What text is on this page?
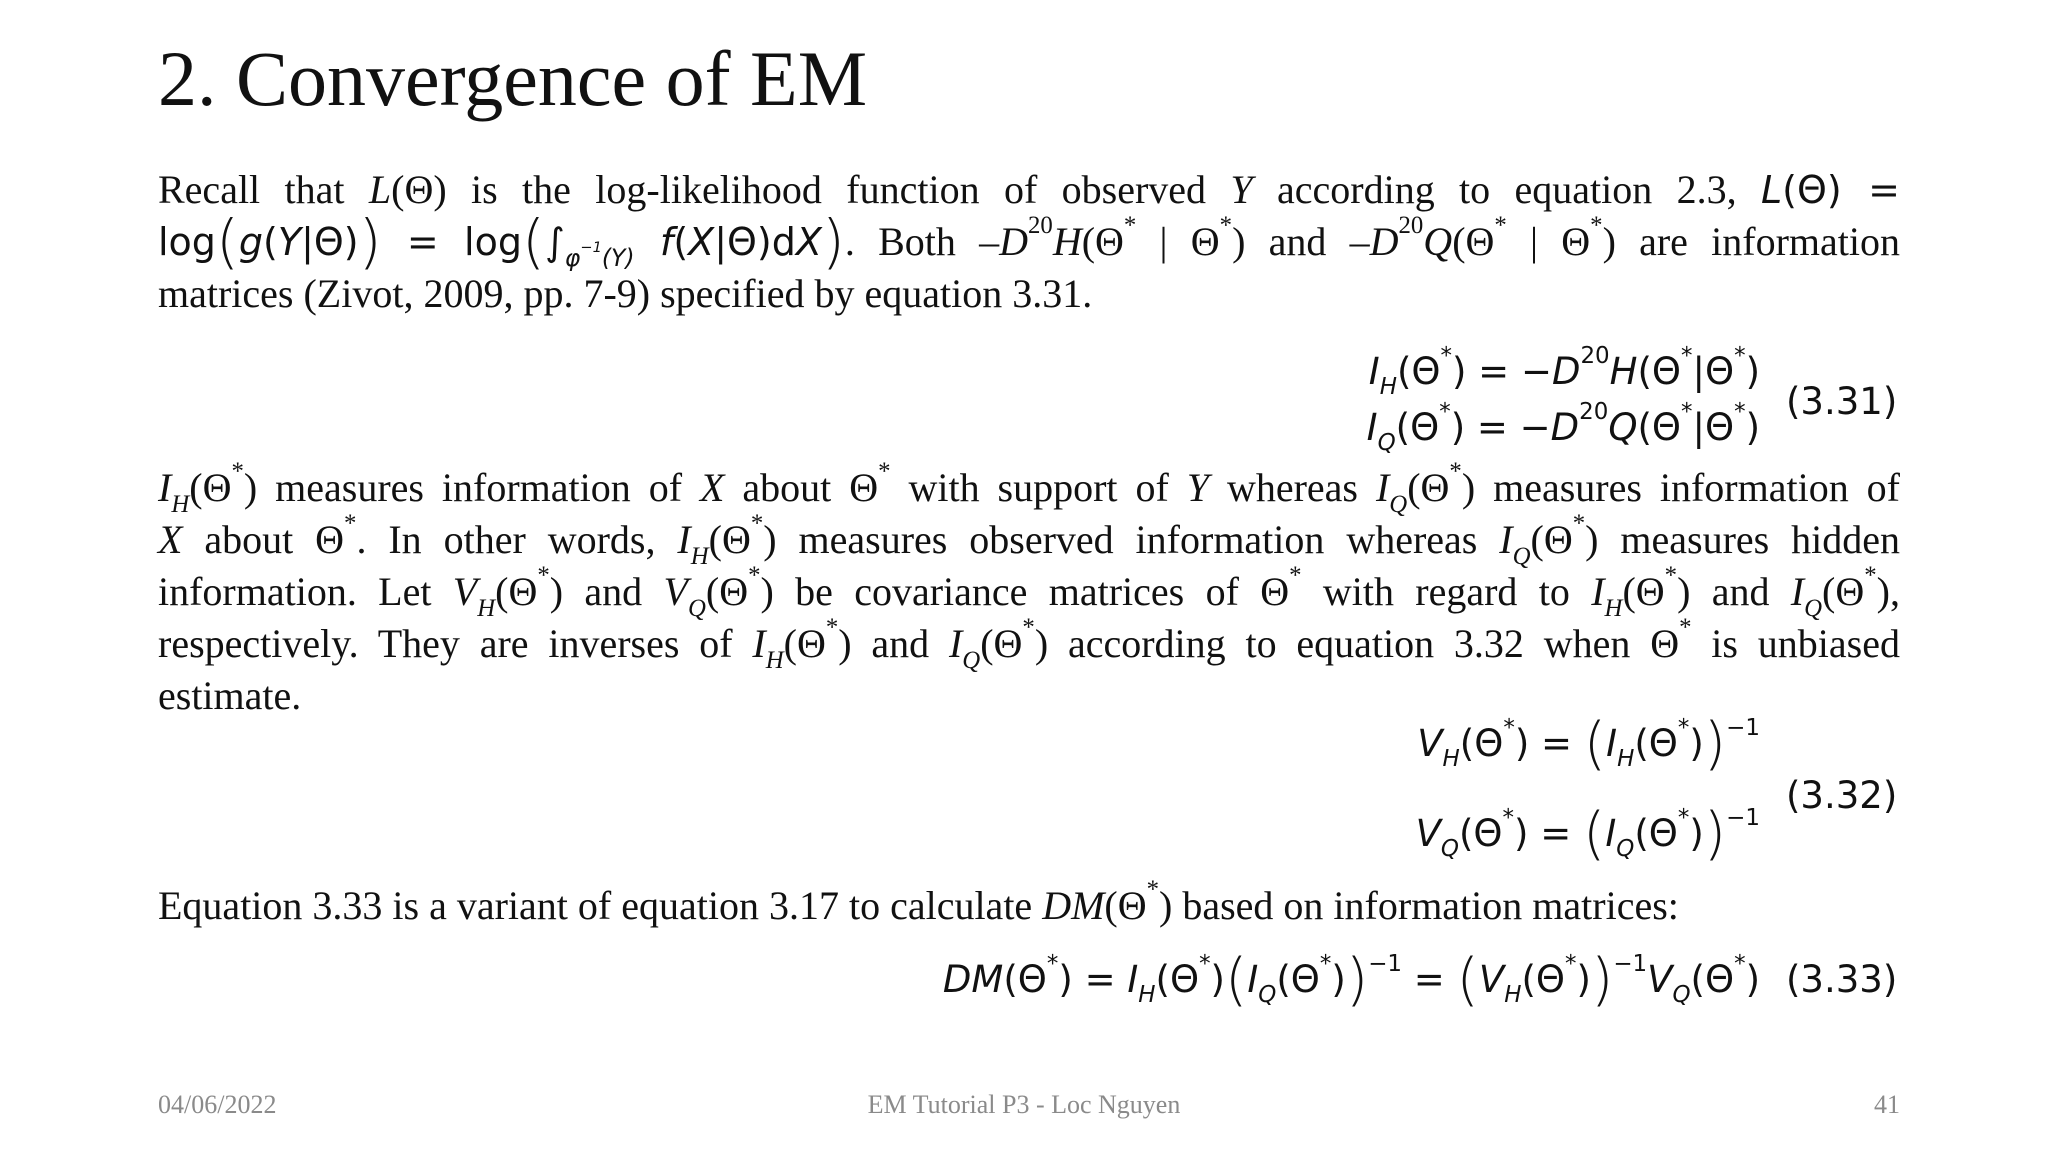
2. Convergence of EM
Recall that L(Θ) is the log-likelihood function of observed Y according to equation 2.3, L(Θ) =
$\log(g(Y|\Theta)) = \log(\int_{\varphi^{-1}(Y)}$ f(X|Θ)dX). Both $-D^{20}H(\Theta^*$ | Θ*) and $-D^{20}Q(\Theta^*$ | Θ*) are information
matrices (Zivot, 2009, pp. 7-9) specified by equation 3.31.
$I_H(\Theta^*) = -D^{20}H(\Theta^*|\Theta^*)$
$I_Q(\Theta^*) = -D^{20}Q(\Theta^*|\Theta^*)$
(3.31)
$I_H(\Theta^*)$ measures information of X about Θ* with support of Y whereas $I_Q(\Theta^*)$ measures information of
X about Θ*. In other words, $I_H(\Theta^*)$ measures observed information whereas $I_Q(\Theta^*)$ measures hidden
information. Let $V_H(\Theta^*)$ and $V_Q(\Theta^*)$ be covariance matrices of Θ* with regard to $I_H(\Theta^*)$ and $I_Q(\Theta^*)$,
respectively. They are inverses of $I_H(\Theta^*)$ and $I_Q(\Theta^*)$ according to equation 3.32 when Θ* is unbiased
estimate.
$V_H(\Theta^*) = (I_H(\Theta^*))^{-1}$
$V_Q(\Theta^*) = (I_Q(\Theta^*))^{-1}$
(3.32)
Equation 3.33 is a variant of equation 3.17 to calculate DM(Θ*) based on information matrices:
$DM(\Theta^*) = I_H(\Theta^*)(I_Q(\Theta^*))^{-1} = (V_H(\Theta^*))^{-1}V_Q(\Theta^*)$ (3.33)
04/06/2022	EM Tutorial P3 - Loc Nguyen	41
